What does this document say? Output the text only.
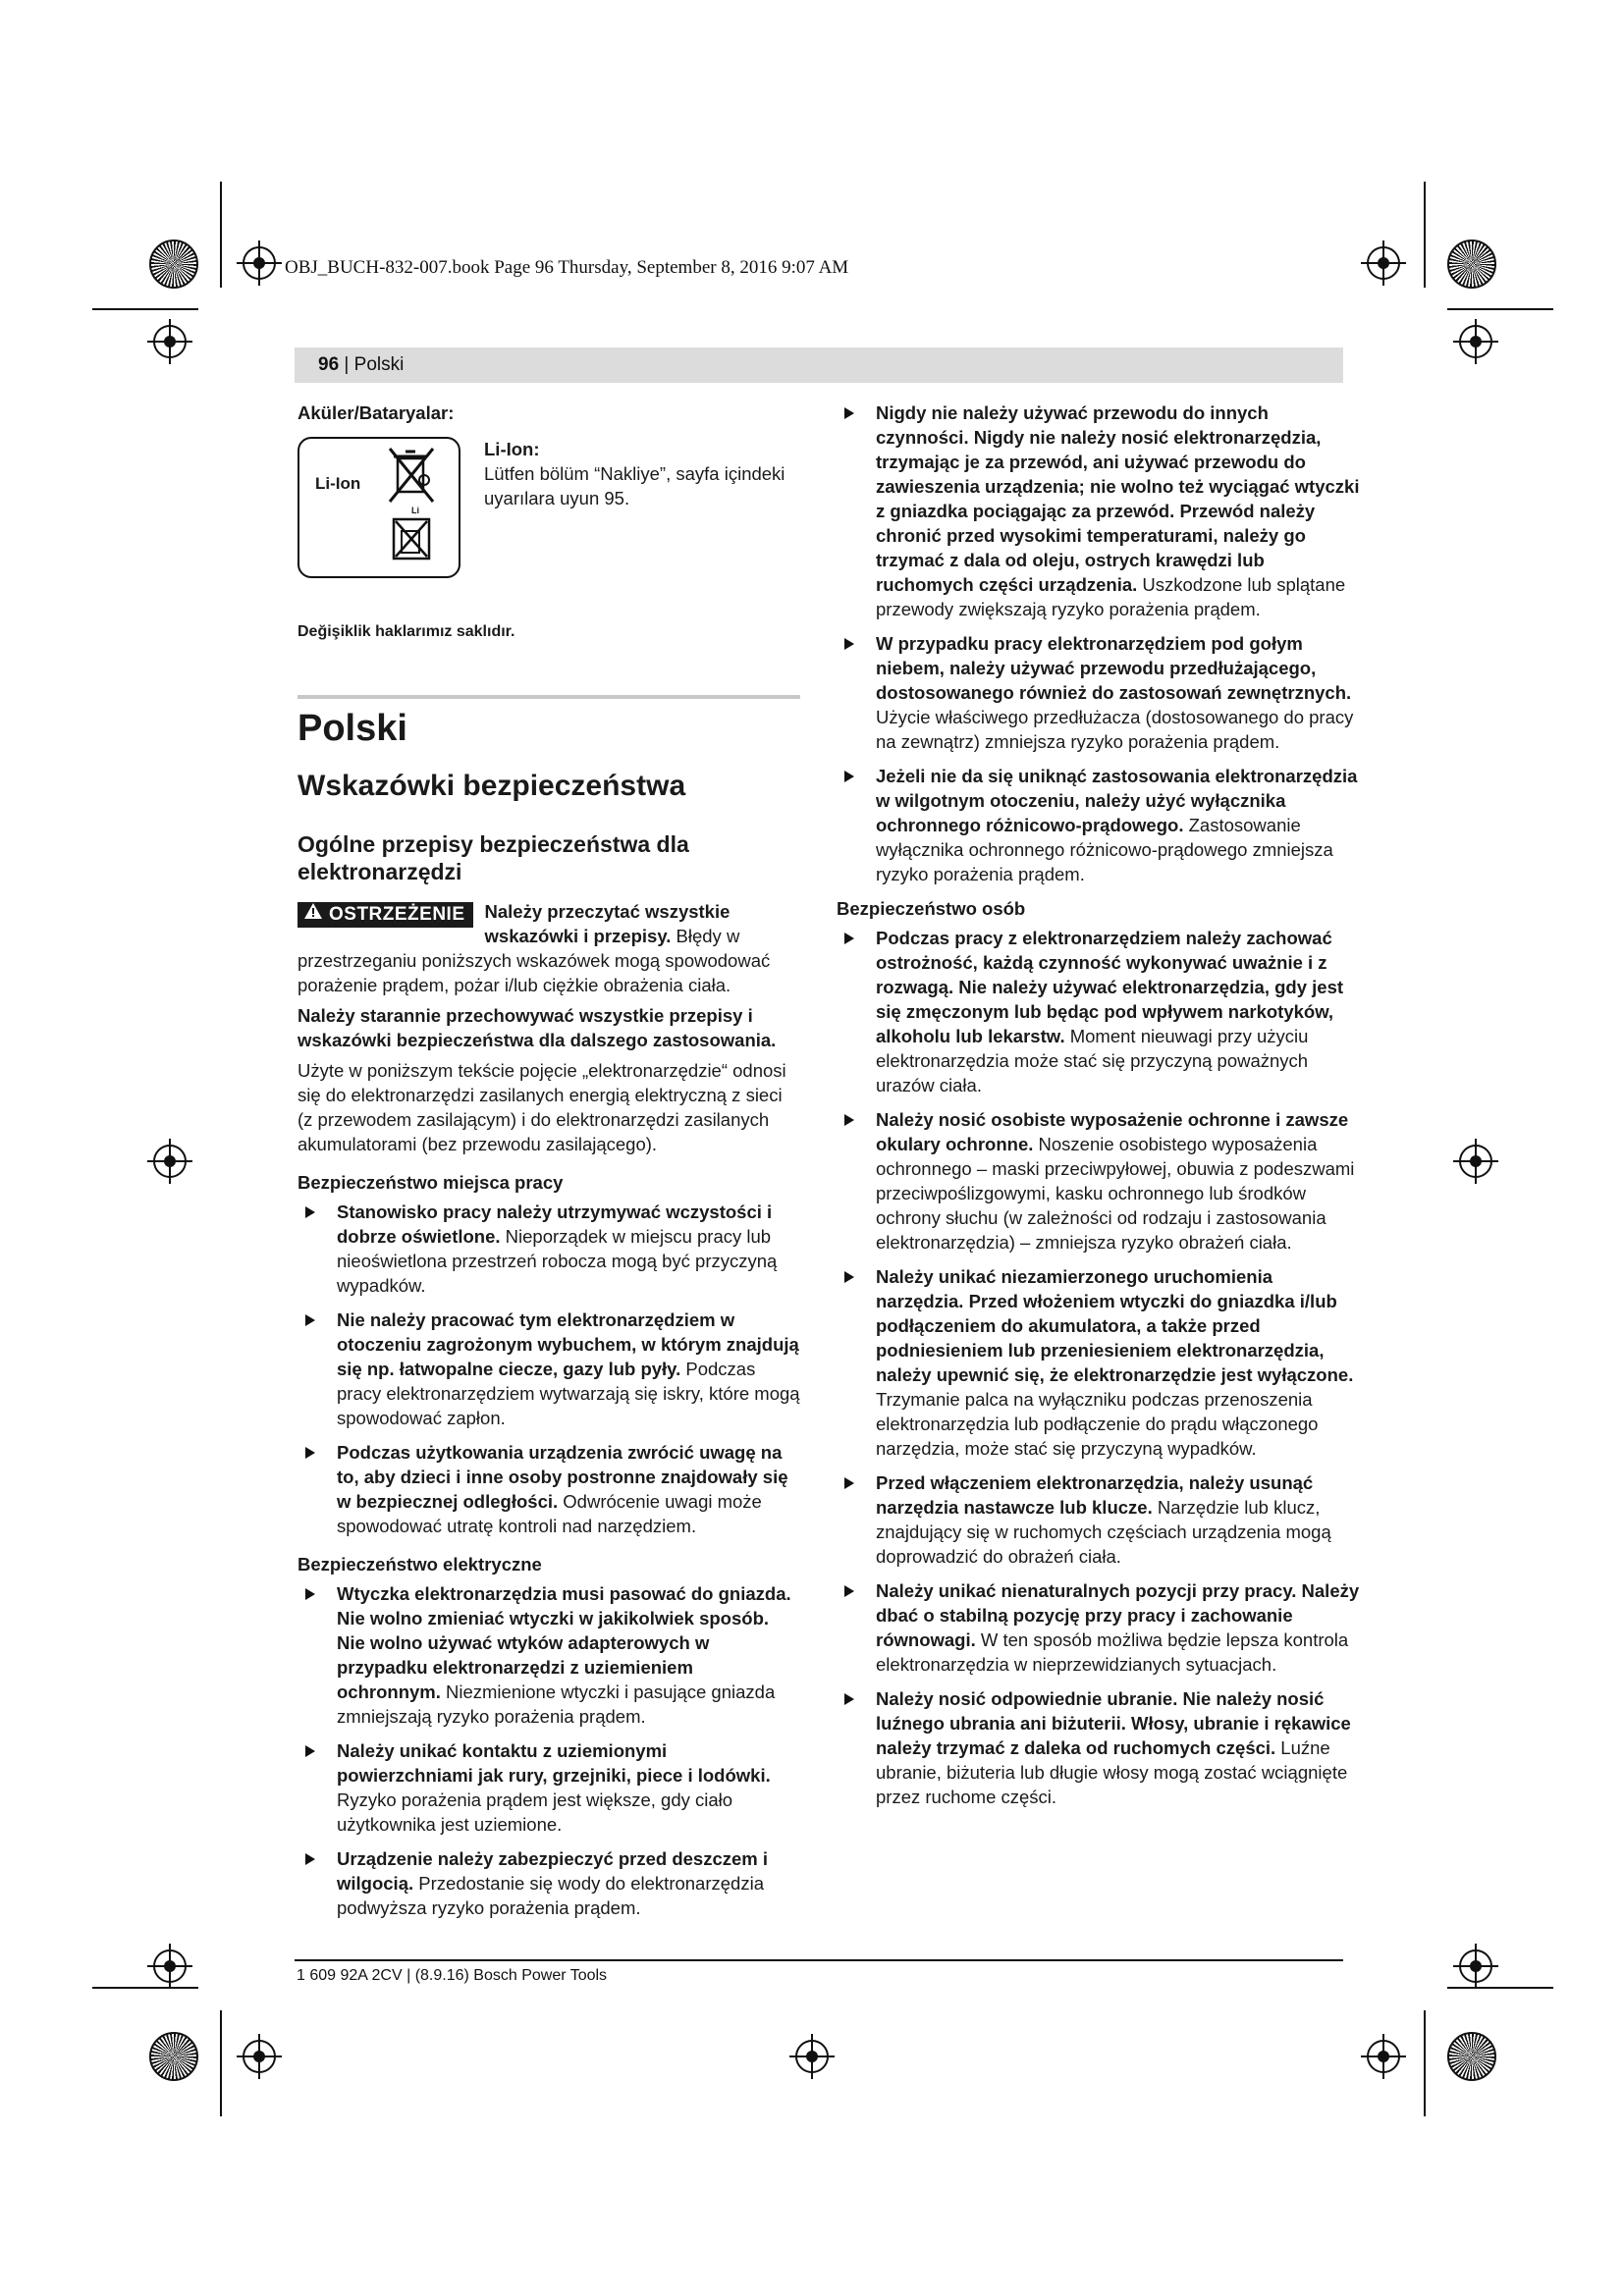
OBJ_BUCH-832-007.book Page 96 Thursday, September 8, 2016 9:07 AM
96 | Polski

Aküler/Bataryalar:

Li-Ion
Li

Li-Ion:

Lütfen bölüm “Nakliye”, sayfa içindeki uyarılara uyun 95.

Değişiklik haklarımız saklıdır.

Polski

Wskazówki bezpieczeństwa

Ogólne przepisy bezpieczeństwa dla elektronarzędzi

OSTRZEŻENIE	Należy przeczytać wszystkie wskazówki i przepisy. Błędy w przestrzeganiu poniższych wskazówek mogą spowodować porażenie prądem, pożar i/lub ciężkie obrażenia ciała.

Należy starannie przechowywać wszystkie przepisy i wskazówki bezpieczeństwa dla dalszego zastosowania.

Użyte w poniższym tekście pojęcie „elektronarzędzie“ odnosi się do elektronarzędzi zasilanych energią elektryczną z sieci (z przewodem zasilającym) i do elektronarzędzi zasilanych akumulatorami (bez przewodu zasilającego).

Bezpieczeństwo miejsca pracy

Stanowisko pracy należy utrzymywać wczystości i dobrze oświetlone. Nieporządek w miejscu pracy lub nieoświetlona przestrzeń robocza mogą być przyczyną wypadków.
Nie należy pracować tym elektronarzędziem w otoczeniu zagrożonym wybuchem, w którym znajdują się np. łatwopalne ciecze, gazy lub pyły. Podczas pracy elektronarzędziem wytwarzają się iskry, które mogą spowodować zapłon.
Podczas użytkowania urządzenia zwrócić uwagę na to, aby dzieci i inne osoby postronne znajdowały się w bezpiecznej odległości. Odwrócenie uwagi może spowodować utratę kontroli nad narzędziem.

Bezpieczeństwo elektryczne

Wtyczka elektronarzędzia musi pasować do gniazda. Nie wolno zmieniać wtyczki w jakikolwiek sposób. Nie wolno używać wtyków adapterowych w przypadku elektronarzędzi z uziemieniem ochronnym. Niezmienione wtyczki i pasujące gniazda zmniejszają ryzyko porażenia prądem.
Należy unikać kontaktu z uziemionymi powierzchniami jak rury, grzejniki, piece i lodówki. Ryzyko porażenia prądem jest większe, gdy ciało użytkownika jest uziemione.
Urządzenie należy zabezpieczyć przed deszczem i wilgocią. Przedostanie się wody do elektronarzędzia podwyższa ryzyko porażenia prądem.
Nigdy nie należy używać przewodu do innych czynności. Nigdy nie należy nosić elektronarzędzia, trzymając je za przewód, ani używać przewodu do zawieszenia urządzenia; nie wolno też wyciągać wtyczki z gniazdka pociągając za przewód. Przewód należy chronić przed wysokimi temperaturami, należy go trzymać z dala od oleju, ostrych krawędzi lub ruchomych części urządzenia. Uszkodzone lub splątane przewody zwiększają ryzyko porażenia prądem.
W przypadku pracy elektronarzędziem pod gołym niebem, należy używać przewodu przedłużającego, dostosowanego również do zastosowań zewnętrznych. Użycie właściwego przedłużacza (dostosowanego do pracy na zewnątrz) zmniejsza ryzyko porażenia prądem.
Jeżeli nie da się uniknąć zastosowania elektronarzędzia w wilgotnym otoczeniu, należy użyć wyłącznika ochronnego różnicowo-prądowego. Zastosowanie wyłącznika ochronnego różnicowo-prądowego zmniejsza ryzyko porażenia prądem.

Bezpieczeństwo osób

Podczas pracy z elektronarzędziem należy zachować ostrożność, każdą czynność wykonywać uważnie i z rozwagą. Nie należy używać elektronarzędzia, gdy jest się zmęczonym lub będąc pod wpływem narkotyków, alkoholu lub lekarstw. Moment nieuwagi przy użyciu elektronarzędzia może stać się przyczyną poważnych urazów ciała.
Należy nosić osobiste wyposażenie ochronne i zawsze okulary ochronne. Noszenie osobistego wyposażenia ochronnego – maski przeciwpyłowej, obuwia z podeszwami przeciwpoślizgowymi, kasku ochronnego lub środków ochrony słuchu (w zależności od rodzaju i zastosowania elektronarzędzia) – zmniejsza ryzyko obrażeń ciała.
Należy unikać niezamierzonego uruchomienia narzędzia. Przed włożeniem wtyczki do gniazdka i/lub podłączeniem do akumulatora, a także przed podniesieniem lub przeniesieniem elektronarzędzia, należy upewnić się, że elektronarzędzie jest wyłączone. Trzymanie palca na wyłączniku podczas przenoszenia elektronarzędzia lub podłączenie do prądu włączonego narzędzia, może stać się przyczyną wypadków.
Przed włączeniem elektronarzędzia, należy usunąć narzędzia nastawcze lub klucze. Narzędzie lub klucz, znajdujący się w ruchomych częściach urządzenia mogą doprowadzić do obrażeń ciała.
Należy unikać nienaturalnych pozycji przy pracy. Należy dbać o stabilną pozycję przy pracy i zachowanie równowagi. W ten sposób możliwa będzie lepsza kontrola elektronarzędzia w nieprzewidzianych sytuacjach.
Należy nosić odpowiednie ubranie. Nie należy nosić luźnego ubrania ani biżuterii. Włosy, ubranie i rękawice należy trzymać z daleka od ruchomych części. Luźne ubranie, biżuteria lub długie włosy mogą zostać wciągnięte przez ruchome części.
1 609 92A 2CV | (8.9.16) Bosch Power Tools
